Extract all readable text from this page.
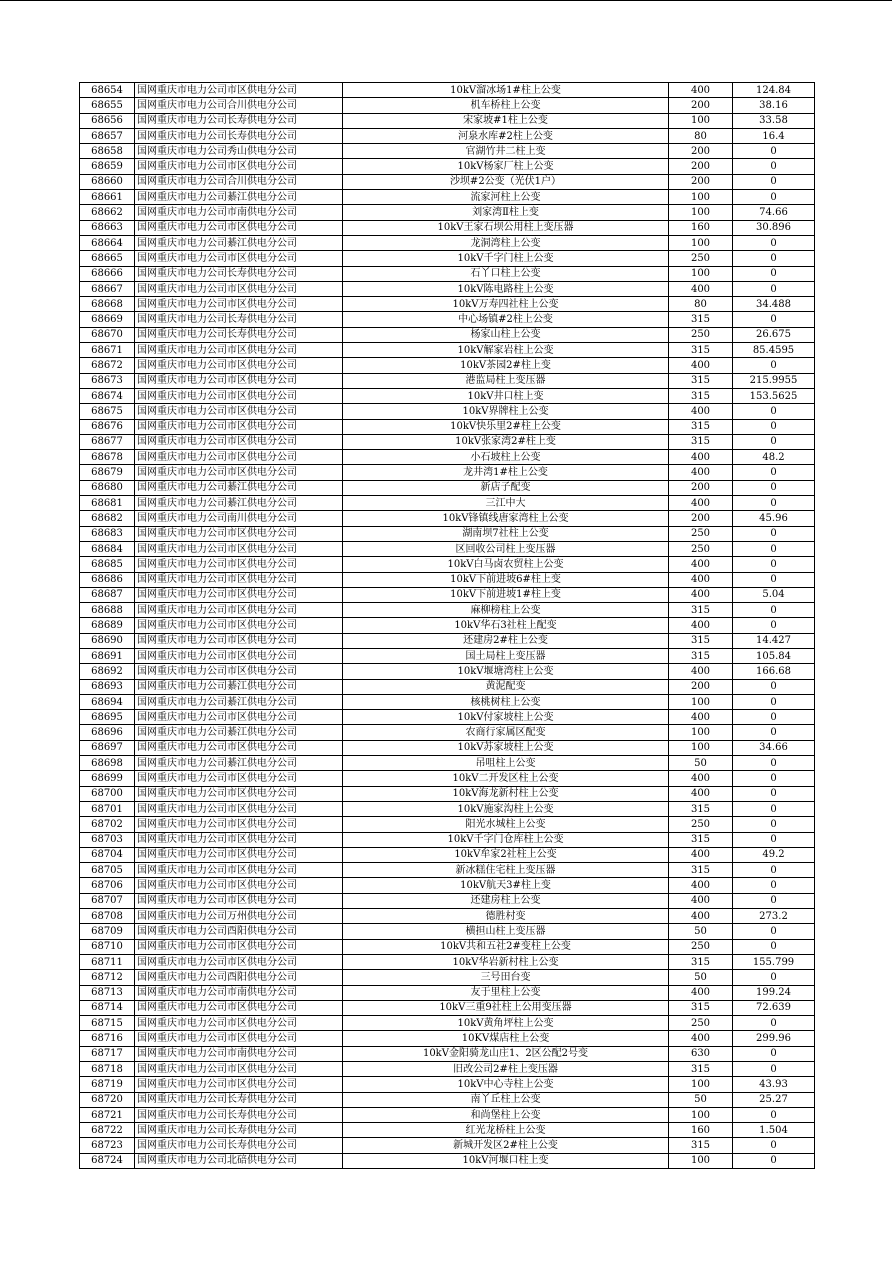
68654	国网重庆市电力公司市区供电分公司	10kV溜冰场1#柱上公变	400	124.84
68655	国网重庆市电力公司合川供电分公司	机车桥柱上公变	200	38.16
68656	国网重庆市电力公司长寿供电分公司	宋家坡#1柱上公变	100	33.58
68657	国网重庆市电力公司长寿供电分公司	河泉水库#2柱上公变	80	16.4
68658	国网重庆市电力公司秀山供电分公司	官湖竹井二柱上变	200	0
68659	国网重庆市电力公司市区供电分公司	10kV杨家厂柱上公变	200	0
68660	国网重庆市电力公司合川供电分公司	沙坝#2公变（光伏1户）	200	0
68661	国网重庆市电力公司綦江供电分公司	流家河柱上公变	100	0
68662	国网重庆市电力公司市南供电分公司	刘家湾Ⅱ柱上变	100	74.66
68663	国网重庆市电力公司市区供电分公司	10kV王家石坝公用柱上变压器	160	30.896
68664	国网重庆市电力公司綦江供电分公司	龙洞湾柱上公变	100	0
68665	国网重庆市电力公司市区供电分公司	10kV千字门柱上公变	250	0
68666	国网重庆市电力公司长寿供电分公司	石丫口柱上公变	100	0
68667	国网重庆市电力公司市区供电分公司	10kV陈电路柱上公变	400	0
68668	国网重庆市电力公司市区供电分公司	10kV万寿四社柱上公变	80	34.488
68669	国网重庆市电力公司长寿供电分公司	中心场镇#2柱上公变	315	0
68670	国网重庆市电力公司长寿供电分公司	杨家山柱上公变	250	26.675
68671	国网重庆市电力公司市区供电分公司	10kV解家岩柱上公变	315	85.4595
68672	国网重庆市电力公司市区供电分公司	10kV茶园2#柱上变	400	0
68673	国网重庆市电力公司市区供电分公司	港监局柱上变压器	315	215.9955
68674	国网重庆市电力公司市区供电分公司	10kV井口柱上变	315	153.5625
68675	国网重庆市电力公司市区供电分公司	10kV界牌柱上公变	400	0
68676	国网重庆市电力公司市区供电分公司	10kV快乐里2#柱上公变	315	0
68677	国网重庆市电力公司市区供电分公司	10kV张家湾2#柱上变	315	0
68678	国网重庆市电力公司市区供电分公司	小石坡柱上公变	400	48.2
68679	国网重庆市电力公司市区供电分公司	龙井湾1#柱上公变	400	0
68680	国网重庆市电力公司綦江供电分公司	新店子配变	200	0
68681	国网重庆市电力公司綦江供电分公司	三江中大	400	0
68682	国网重庆市电力公司南川供电分公司	10kV锋镇线唐家湾柱上公变	200	45.96
68683	国网重庆市电力公司市区供电分公司	湖南坝7社柱上公变	250	0
68684	国网重庆市电力公司市区供电分公司	区回收公司柱上变压器	250	0
68685	国网重庆市电力公司市区供电分公司	10kV白马卤农贸柱上公变	400	0
68686	国网重庆市电力公司市区供电分公司	10kV下前进坡6#柱上变	400	0
68687	国网重庆市电力公司市区供电分公司	10kV下前进坡1#柱上变	400	5.04
68688	国网重庆市电力公司市区供电分公司	麻柳榜柱上公变	315	0
68689	国网重庆市电力公司市区供电分公司	10kV华石3社柱上配变	400	0
68690	国网重庆市电力公司市区供电分公司	还建房2#柱上公变	315	14.427
68691	国网重庆市电力公司市区供电分公司	国土局柱上变压器	315	105.84
68692	国网重庆市电力公司市区供电分公司	10kV堰塘湾柱上公变	400	166.68
68693	国网重庆市电力公司綦江供电分公司	黄泥配变	200	0
68694	国网重庆市电力公司綦江供电分公司	核桃树柱上公变	100	0
68695	国网重庆市电力公司市区供电分公司	10kV付家坡柱上公变	400	0
68696	国网重庆市电力公司綦江供电分公司	农商行家属区配变	100	0
68697	国网重庆市电力公司市区供电分公司	10kV苏家坡柱上公变	100	34.66
68698	国网重庆市电力公司綦江供电分公司	吊咀柱上公变	50	0
68699	国网重庆市电力公司市区供电分公司	10kV二开发区柱上公变	400	0
68700	国网重庆市电力公司市区供电分公司	10kV海龙新村柱上公变	400	0
68701	国网重庆市电力公司市区供电分公司	10kV施家沟柱上公变	315	0
68702	国网重庆市电力公司市区供电分公司	阳光水城柱上公变	250	0
68703	国网重庆市电力公司市区供电分公司	10kV千字门仓库柱上公变	315	0
68704	国网重庆市电力公司市区供电分公司	10kV牟家2社柱上公变	400	49.2
68705	国网重庆市电力公司市区供电分公司	新冰糕住宅柱上变压器	315	0
68706	国网重庆市电力公司市区供电分公司	10kV航天3#柱上变	400	0
68707	国网重庆市电力公司市区供电分公司	还建房柱上公变	400	0
68708	国网重庆市电力公司万州供电分公司	德胜村变	400	273.2
68709	国网重庆市电力公司酉阳供电分公司	横担山柱上变压器	50	0
68710	国网重庆市电力公司市区供电分公司	10kV共和五社2#变柱上公变	250	0
68711	国网重庆市电力公司市区供电分公司	10kV华岩新村柱上公变	315	155.799
68712	国网重庆市电力公司酉阳供电分公司	三号田台变	50	0
68713	国网重庆市电力公司市南供电分公司	友于里柱上公变	400	199.24
68714	国网重庆市电力公司市区供电分公司	10kV三重9社柱上公用变压器	315	72.639
68715	国网重庆市电力公司市区供电分公司	10kV黄角坪柱上公变	250	0
68716	国网重庆市电力公司市区供电分公司	10KV煤店柱上公变	400	299.96
68717	国网重庆市电力公司市南供电分公司	10kV金阳骑龙山庄1、2区公配2号变	630	0
68718	国网重庆市电力公司市区供电分公司	旧改公司2#柱上变压器	315	0
68719	国网重庆市电力公司市区供电分公司	10kV中心寺柱上公变	100	43.93
68720	国网重庆市电力公司长寿供电分公司	南丫丘柱上公变	50	25.27
68721	国网重庆市电力公司长寿供电分公司	和尚堡柱上公变	100	0
68722	国网重庆市电力公司长寿供电分公司	红光龙桥柱上公变	160	1.504
68723	国网重庆市电力公司长寿供电分公司	新城开发区2#柱上公变	315	0
68724	国网重庆市电力公司北碚供电分公司	10kV河堰口柱上变	100	0
